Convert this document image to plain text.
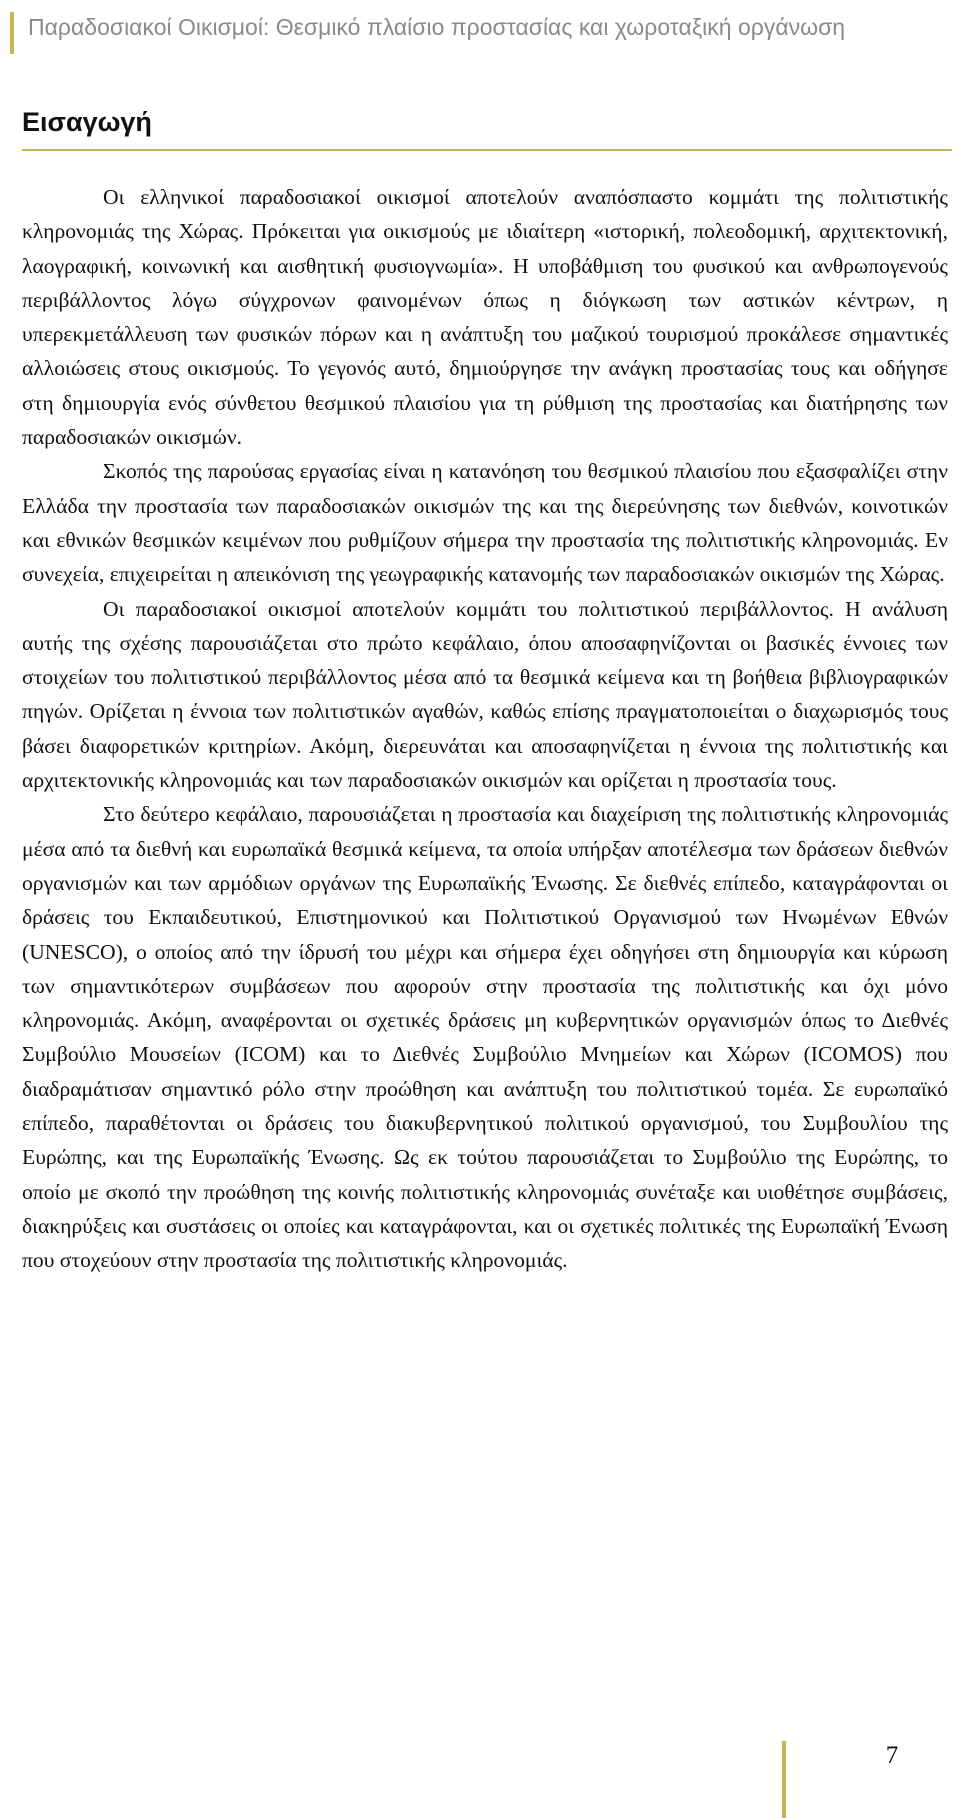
Παραδοσιακοί Οικισμοί: Θεσμικό πλαίσιο προστασίας και χωροταξική οργάνωση
Εισαγωγή

Οι ελληνικοί παραδοσιακοί οικισμοί αποτελούν αναπόσπαστο κομμάτι της πολιτιστικής κληρονομιάς της Χώρας. Πρόκειται για οικισμούς με ιδιαίτερη «ιστορική, πολεοδομική, αρχιτεκτονική, λαογραφική, κοινωνική και αισθητική φυσιογνωμία». Η υποβάθμιση του φυσικού και ανθρωπογενούς περιβάλλοντος λόγω σύγχρονων φαινομένων όπως η διόγκωση των αστικών κέντρων, η υπερεκμετάλλευση των φυσικών πόρων και η ανάπτυξη του μαζικού τουρισμού προκάλεσε σημαντικές αλλοιώσεις στους οικισμούς. Το γεγονός αυτό, δημιούργησε την ανάγκη προστασίας τους και οδήγησε στη δημιουργία ενός σύνθετου θεσμικού πλαισίου για τη ρύθμιση της προστασίας και διατήρησης των παραδοσιακών οικισμών.

Σκοπός της παρούσας εργασίας είναι η κατανόηση του θεσμικού πλαισίου που εξασφαλίζει στην Ελλάδα την προστασία των παραδοσιακών οικισμών της και της διερεύνησης των διεθνών, κοινοτικών και εθνικών θεσμικών κειμένων που ρυθμίζουν σήμερα την προστασία της πολιτιστικής κληρονομιάς. Εν συνεχεία, επιχειρείται η απεικόνιση της γεωγραφικής κατανομής των παραδοσιακών οικισμών της Χώρας.

Οι παραδοσιακοί οικισμοί αποτελούν κομμάτι του πολιτιστικού περιβάλλοντος. Η ανάλυση αυτής της σχέσης παρουσιάζεται στο πρώτο κεφάλαιο, όπου αποσαφηνίζονται οι βασικές έννοιες των στοιχείων του πολιτιστικού περιβάλλοντος μέσα από τα θεσμικά κείμενα και τη βοήθεια βιβλιογραφικών πηγών. Ορίζεται η έννοια των πολιτιστικών αγαθών, καθώς επίσης πραγματοποιείται ο διαχωρισμός τους βάσει διαφορετικών κριτηρίων. Ακόμη, διερευνάται και αποσαφηνίζεται η έννοια της πολιτιστικής και αρχιτεκτονικής κληρονομιάς και των παραδοσιακών οικισμών και ορίζεται η προστασία τους.

Στο δεύτερο κεφάλαιο, παρουσιάζεται η προστασία και διαχείριση της πολιτιστικής κληρονομιάς μέσα από τα διεθνή και ευρωπαϊκά θεσμικά κείμενα, τα οποία υπήρξαν αποτέλεσμα των δράσεων διεθνών οργανισμών και των αρμόδιων οργάνων της Ευρωπαϊκής Ένωσης. Σε διεθνές επίπεδο, καταγράφονται οι δράσεις του Εκπαιδευτικού, Επιστημονικού και Πολιτιστικού Οργανισμού των Ηνωμένων Εθνών (UNESCO), ο οποίος από την ίδρυσή του μέχρι και σήμερα έχει οδηγήσει στη δημιουργία και κύρωση των σημαντικότερων συμβάσεων που αφορούν στην προστασία της πολιτιστικής και όχι μόνο κληρονομιάς. Ακόμη, αναφέρονται οι σχετικές δράσεις μη κυβερνητικών οργανισμών όπως το Διεθνές Συμβούλιο Μουσείων (ICOM) και το Διεθνές Συμβούλιο Μνημείων και Χώρων (ICOMOS) που διαδραμάτισαν σημαντικό ρόλο στην προώθηση και ανάπτυξη του πολιτιστικού τομέα. Σε ευρωπαϊκό επίπεδο, παραθέτονται οι δράσεις του διακυβερνητικού πολιτικού οργανισμού, του Συμβουλίου της Ευρώπης, και της Ευρωπαϊκής Ένωσης. Ως εκ τούτου παρουσιάζεται το Συμβούλιο της Ευρώπης, το οποίο με σκοπό την προώθηση της κοινής πολιτιστικής κληρονομιάς συνέταξε και υιοθέτησε συμβάσεις, διακηρύξεις και συστάσεις οι οποίες και καταγράφονται, και οι σχετικές πολιτικές της Ευρωπαϊκή Ένωση που στοχεύουν στην προστασία της πολιτιστικής κληρονομιάς.

7
